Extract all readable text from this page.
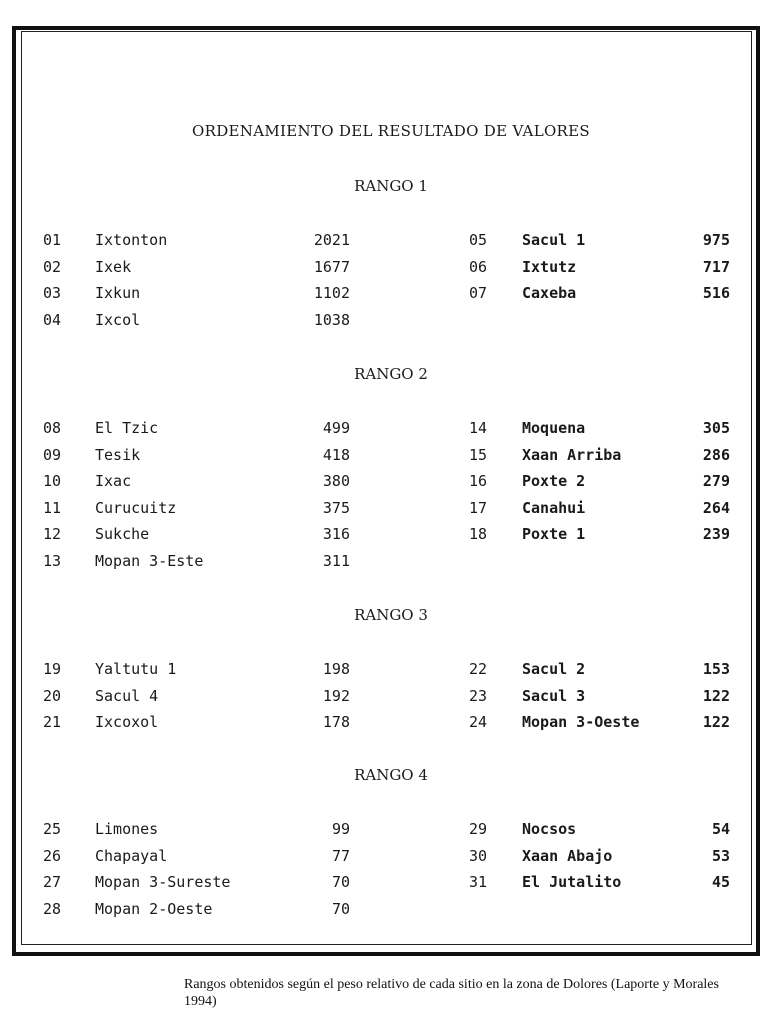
ORDENAMIENTO DEL RESULTADO DE VALORES
RANGO 1
01 Ixtonton	2021
02 Ixek	1677
03 Ixkun	1102
04 Ixcol	1038
05 Sacul 1	975
06 Ixtutz	717
07 Caxeba	516
RANGO 2
08 El Tzic	499
09 Tesik	418
10 Ixac	380
11 Curucuitz	375
12 Sukche	316
13 Mopan 3-Este	311
14 Moquena	305
15 Xaan Arriba	286
16 Poxte 2	279
17 Canahui	264
18 Poxte 1	239
RANGO 3
19 Yaltutu 1	198
20 Sacul 4	192
21 Ixcoxol	178
22 Sacul 2	153
23 Sacul 3	122
24 Mopan 3-Oeste	122
RANGO 4
25 Limones	99
26 Chapayal	77
27 Mopan 3-Sureste	70
28 Mopan 2-Oeste	70
29 Nocsos	54
30 Xaan Abajo	53
31 El Jutalito	45
Rangos obtenidos según el peso relativo de cada sitio en la zona de Dolores (Laporte y Morales 1994)
